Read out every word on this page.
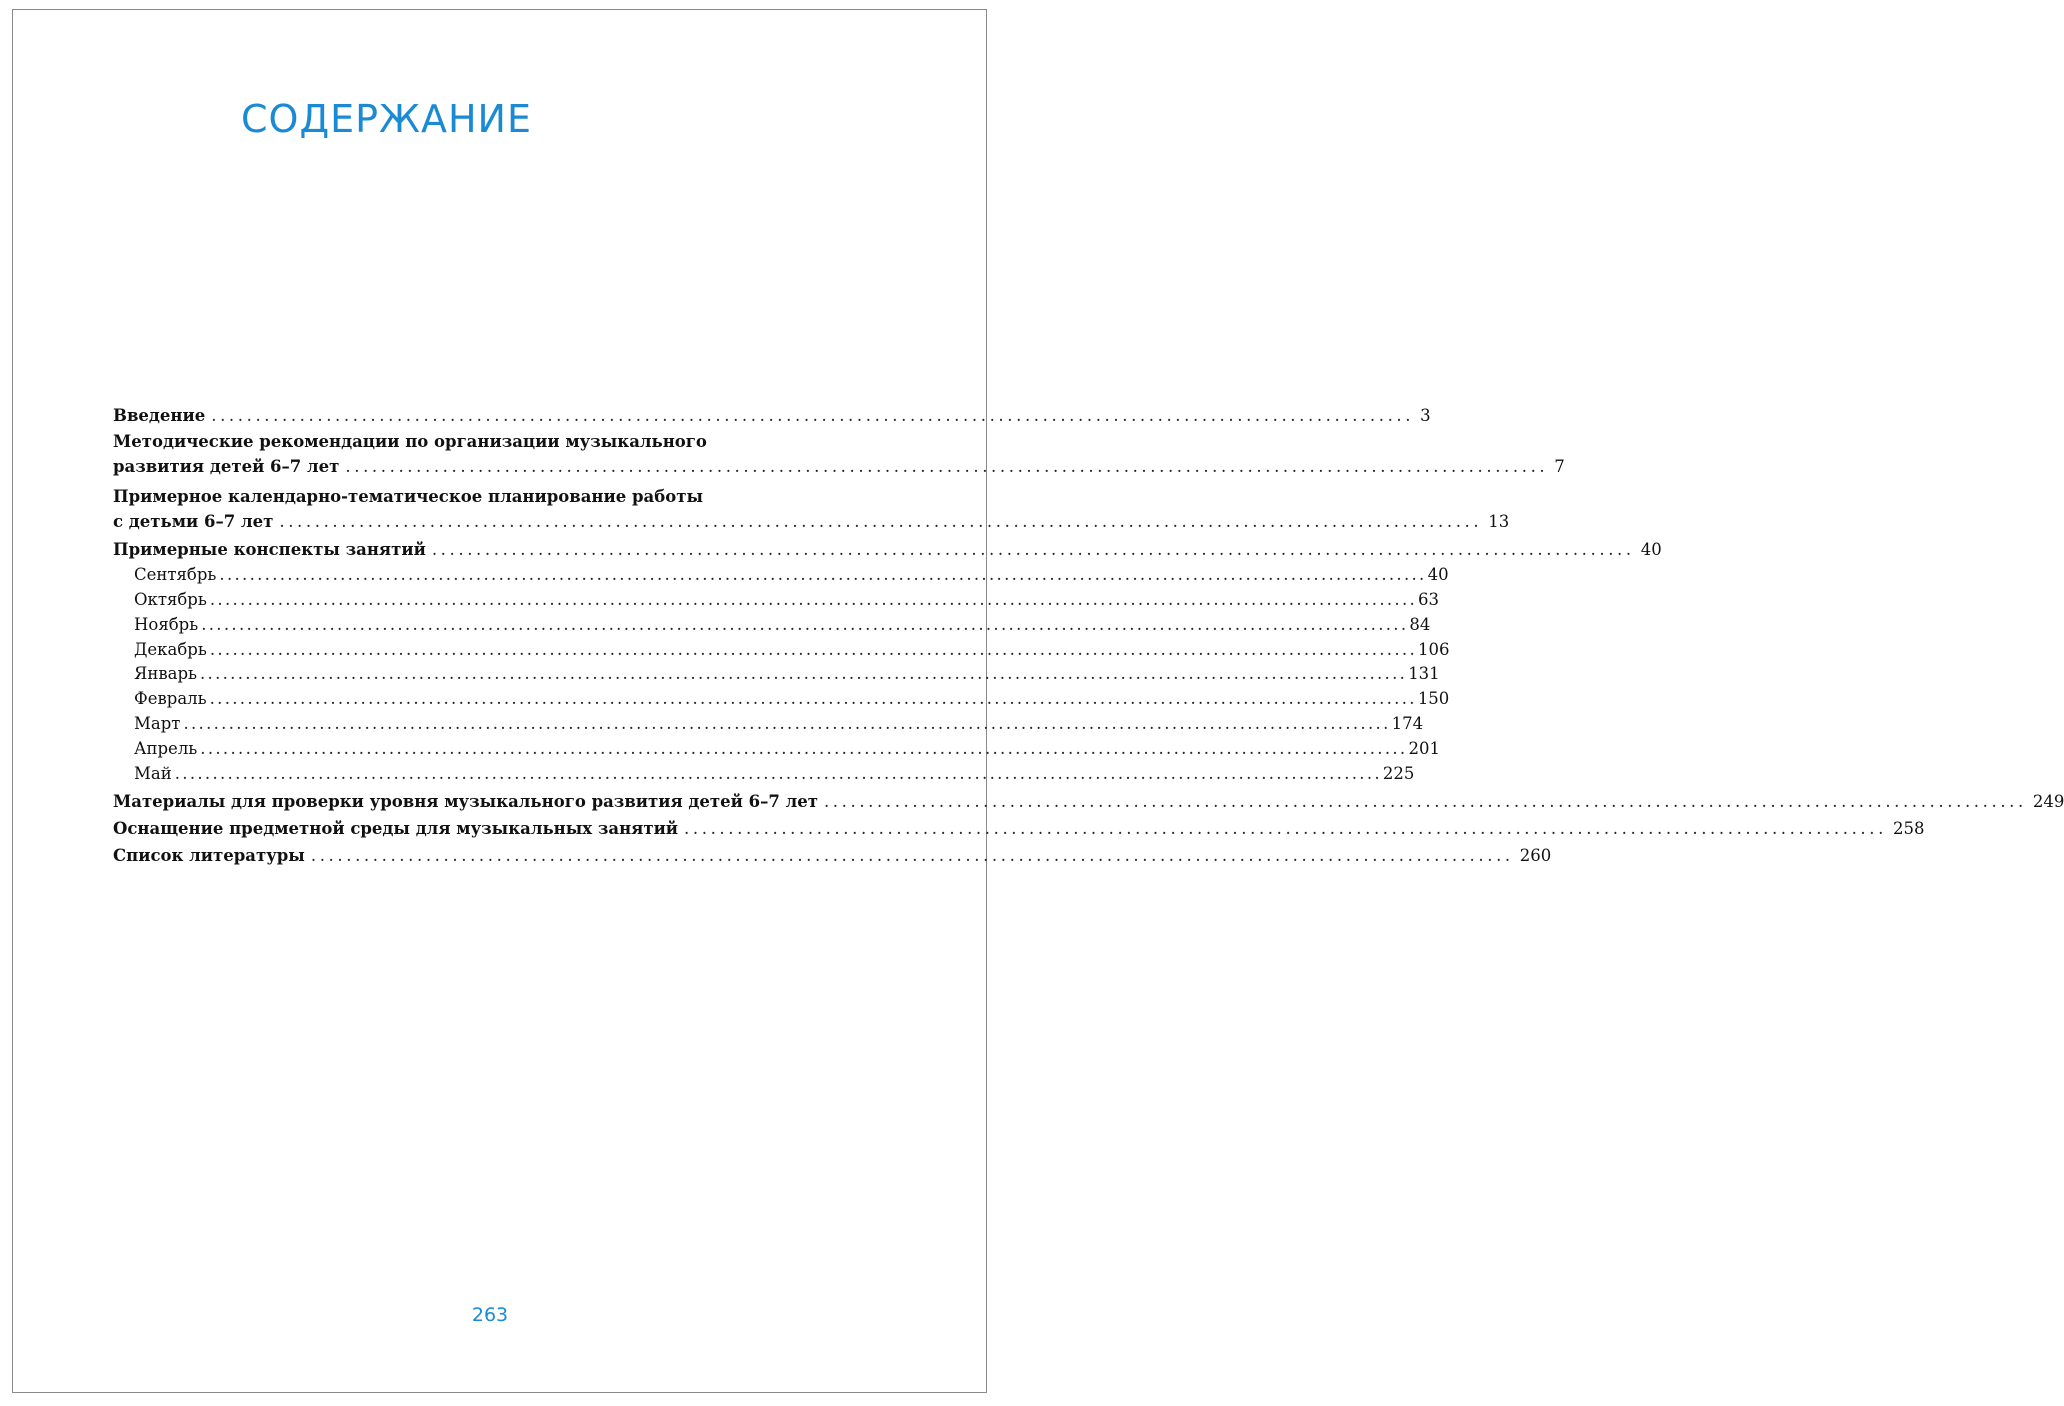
СОДЕРЖАНИЕ
Введение ........................................................................................................................................ 3
Методические рекомендации по организации музыкального
развития детей 6–7 лет ........................................................................................................................................ 7
Примерное календарно-тематическое планирование работы
с детьми 6–7 лет ........................................................................................................................................ 13
Примерные конспекты занятий ........................................................................................................................................ 40
Сентябрь ................................................................................................................................................................ 40
Октябрь ................................................................................................................................................................ 63
Ноябрь ................................................................................................................................................................ 84
Декабрь ................................................................................................................................................................ 106
Январь ................................................................................................................................................................ 131
Февраль ................................................................................................................................................................ 150
Март ................................................................................................................................................................ 174
Апрель ................................................................................................................................................................ 201
Май ................................................................................................................................................................ 225
Материалы для проверки уровня музыкального развития детей 6–7 лет ........................................................................................................................................ 249
Оснащение предметной среды для музыкальных занятий ........................................................................................................................................ 258
Список литературы ........................................................................................................................................ 260
263
